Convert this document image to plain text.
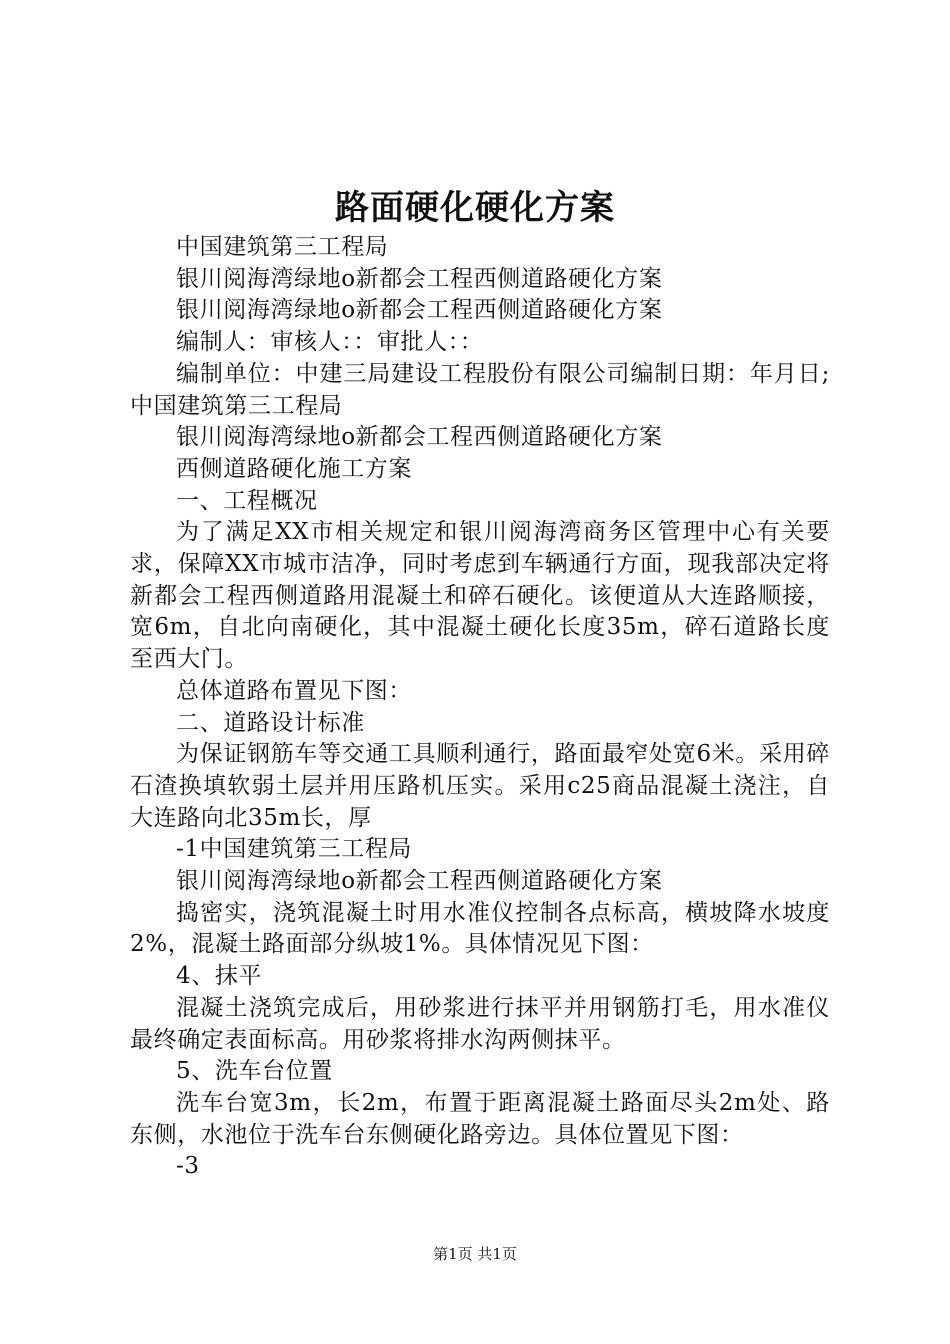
路面硬化硬化方案

中国建筑第三工程局

银川阅海湾绿地ο新都会工程西侧道路硬化方案

银川阅海湾绿地ο新都会工程西侧道路硬化方案

编制人：审核人：：审批人：：

编制单位：中建三局建设工程股份有限公司编制日期：年月日;中国建筑第三工程局

银川阅海湾绿地ο新都会工程西侧道路硬化方案

西侧道路硬化施工方案

一、工程概况

为了满足XX市相关规定和银川阅海湾商务区管理中心有关要求，保障XX市城市洁净，同时考虑到车辆通行方面，现我部决定将新都会工程西侧道路用混凝土和碎石硬化。该便道从大连路顺接，宽6m，自北向南硬化，其中混凝土硬化长度35m，碎石道路长度至西大门。

总体道路布置见下图：

二、道路设计标准

为保证钢筋车等交通工具顺利通行，路面最窄处宽6米。采用碎石渣换填软弱土层并用压路机压实。采用c25商品混凝土浇注，自大连路向北35m长，厚

-1中国建筑第三工程局

银川阅海湾绿地ο新都会工程西侧道路硬化方案

捣密实，浇筑混凝土时用水准仪控制各点标高，横坡降水坡度2%，混凝土路面部分纵坡1%。具体情况见下图：

4、抹平

混凝土浇筑完成后，用砂浆进行抹平并用钢筋打毛，用水准仪最终确定表面标高。用砂浆将排水沟两侧抹平。

5、洗车台位置

洗车台宽3m，长2m，布置于距离混凝土路面尽头2m处、路东侧，水池位于洗车台东侧硬化路旁边。具体位置见下图：

-3

第1页 共1页
